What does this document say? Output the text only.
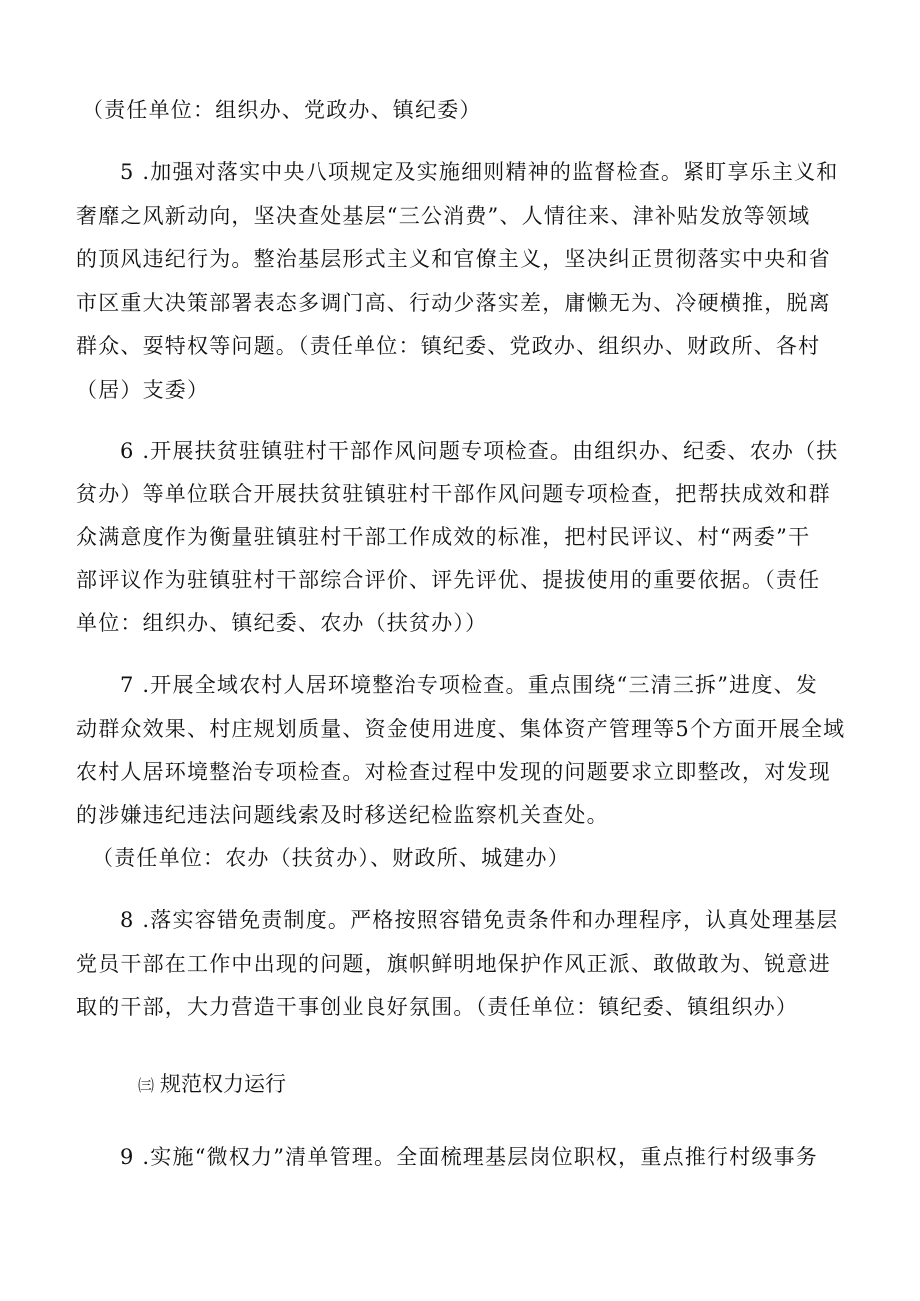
（责任单位：组织办、党政办、镇纪委）
5 .加强对落实中央八项规定及实施细则精神的监督检查。紧盯享乐主义和
奢靡之风新动向，坚决查处基层“三公消费”、人情往来、津补贴发放等领域
的顶风违纪行为。整治基层形式主义和官僚主义，坚决纠正贯彻落实中央和省
市区重大决策部署表态多调门高、行动少落实差，庸懒无为、冷硬横推，脱离
群众、耍特权等问题。（责任单位：镇纪委、党政办、组织办、财政所、各村
（居）支委）
6 .开展扶贫驻镇驻村干部作风问题专项检查。由组织办、纪委、农办（扶
贫办）等单位联合开展扶贫驻镇驻村干部作风问题专项检查，把帮扶成效和群
众满意度作为衡量驻镇驻村干部工作成效的标准，把村民评议、村“两委”干
部评议作为驻镇驻村干部综合评价、评先评优、提拔使用的重要依据。（责任
单位：组织办、镇纪委、农办（扶贫办））
7 .开展全域农村人居环境整治专项检查。重点围绕“三清三拆”进度、发
动群众效果、村庄规划质量、资金使用进度、集体资产管理等5个方面开展全域
农村人居环境整治专项检查。对检查过程中发现的问题要求立即整改，对发现
的涉嫌违纪违法问题线索及时移送纪检监察机关查处。
（责任单位：农办（扶贫办）、财政所、城建办）
8 .落实容错免责制度。严格按照容错免责条件和办理程序，认真处理基层
党员干部在工作中出现的问题，旗帜鲜明地保护作风正派、敢做敢为、锐意进
取的干部，大力营造干事创业良好氛围。（责任单位：镇纪委、镇组织办）
㈢ 规范权力运行
9 .实施“微权力”清单管理。全面梳理基层岗位职权，重点推行村级事务
